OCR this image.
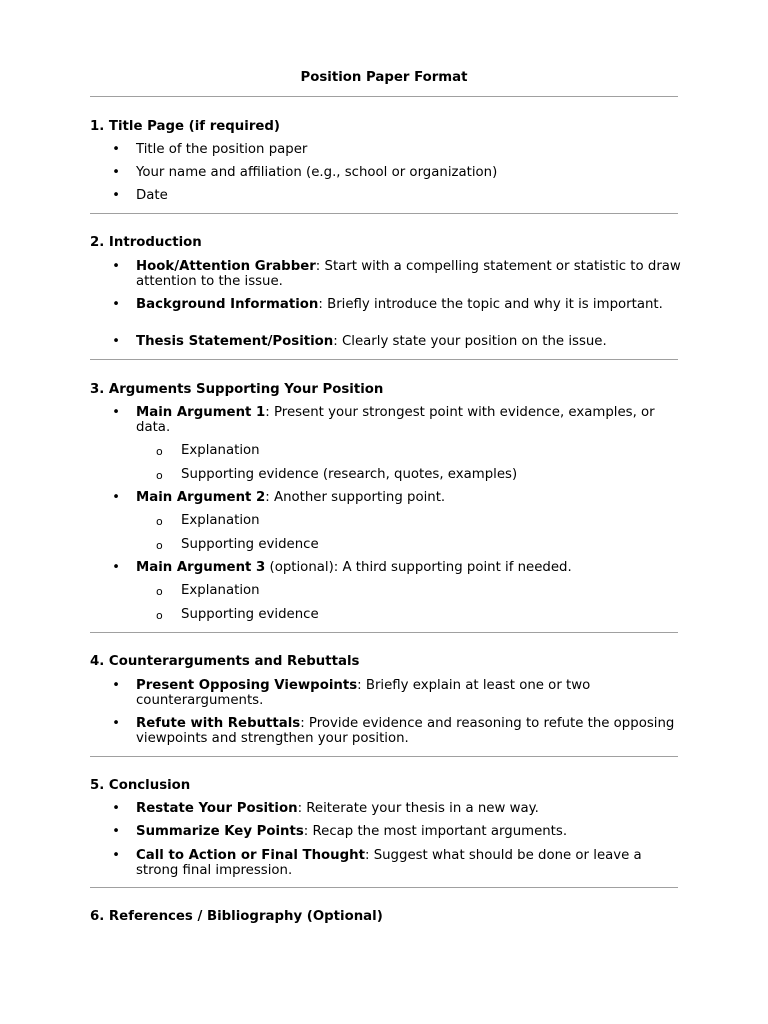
Position Paper Format
1. Title Page (if required)
• Title of the position paper
• Your name and affiliation (e.g., school or organization)
• Date
2. Introduction
• Hook/Attention Grabber: Start with a compelling statement or statistic to draw attention to the issue.
• Background Information: Briefly introduce the topic and why it is important.
• Thesis Statement/Position: Clearly state your position on the issue.
3. Arguments Supporting Your Position
• Main Argument 1: Present your strongest point with evidence, examples, or data.
o Explanation
o Supporting evidence (research, quotes, examples)
• Main Argument 2: Another supporting point.
o Explanation
o Supporting evidence
• Main Argument 3 (optional): A third supporting point if needed.
o Explanation
o Supporting evidence
4. Counterarguments and Rebuttals
• Present Opposing Viewpoints: Briefly explain at least one or two counterarguments.
• Refute with Rebuttals: Provide evidence and reasoning to refute the opposing viewpoints and strengthen your position.
5. Conclusion
• Restate Your Position: Reiterate your thesis in a new way.
• Summarize Key Points: Recap the most important arguments.
• Call to Action or Final Thought: Suggest what should be done or leave a strong final impression.
6. References / Bibliography (Optional)
